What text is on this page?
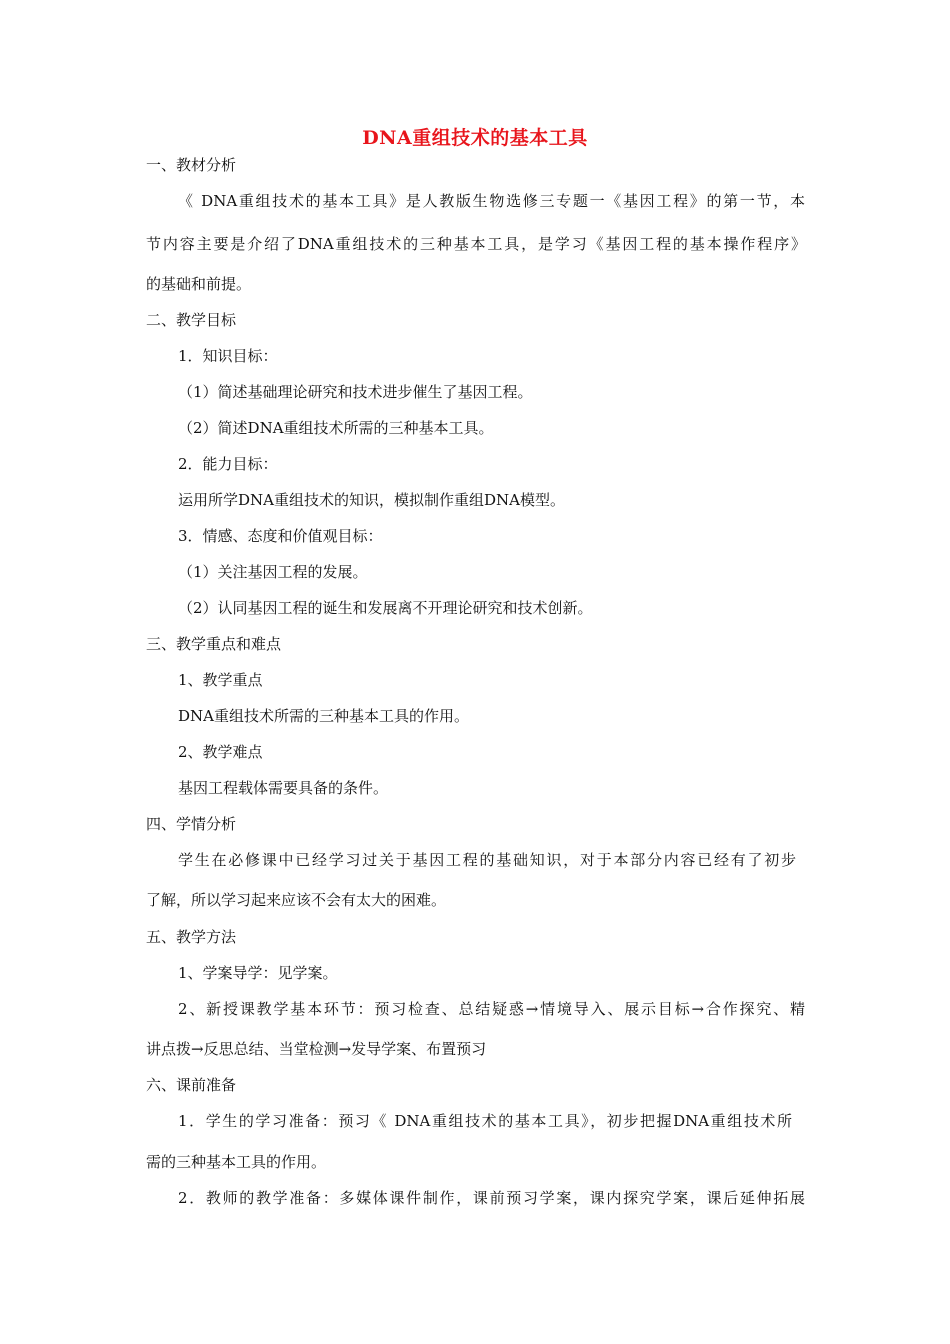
DNA重组技术的基本工具
一、教材分析
《 DNA重组技术的基本工具》是人教版生物选修三专题一《基因工程》的第一节，本
节内容主要是介绍了DNA重组技术的三种基本工具，是学习《基因工程的基本操作程序》
的基础和前提。
二、教学目标
1．知识目标：
（1）简述基础理论研究和技术进步催生了基因工程。
（2）简述DNA重组技术所需的三种基本工具。
2．能力目标：
运用所学DNA重组技术的知识，模拟制作重组DNA模型。
3．情感、态度和价值观目标：
（1）关注基因工程的发展。
（2）认同基因工程的诞生和发展离不开理论研究和技术创新。
三、教学重点和难点
1、教学重点
DNA重组技术所需的三种基本工具的作用。
2、教学难点
基因工程载体需要具备的条件。
四、学情分析
学生在必修课中已经学习过关于基因工程的基础知识，对于本部分内容已经有了初步
了解，所以学习起来应该不会有太大的困难。
五、教学方法
1、学案导学：见学案。
2、新授课教学基本环节：预习检查、总结疑惑→情境导入、展示目标→合作探究、精
讲点拨→反思总结、当堂检测→发导学案、布置预习
六、课前准备
1．学生的学习准备：预习《 DNA重组技术的基本工具》，初步把握DNA重组技术所
需的三种基本工具的作用。
2．教师的教学准备：多媒体课件制作，课前预习学案，课内探究学案，课后延伸拓展
